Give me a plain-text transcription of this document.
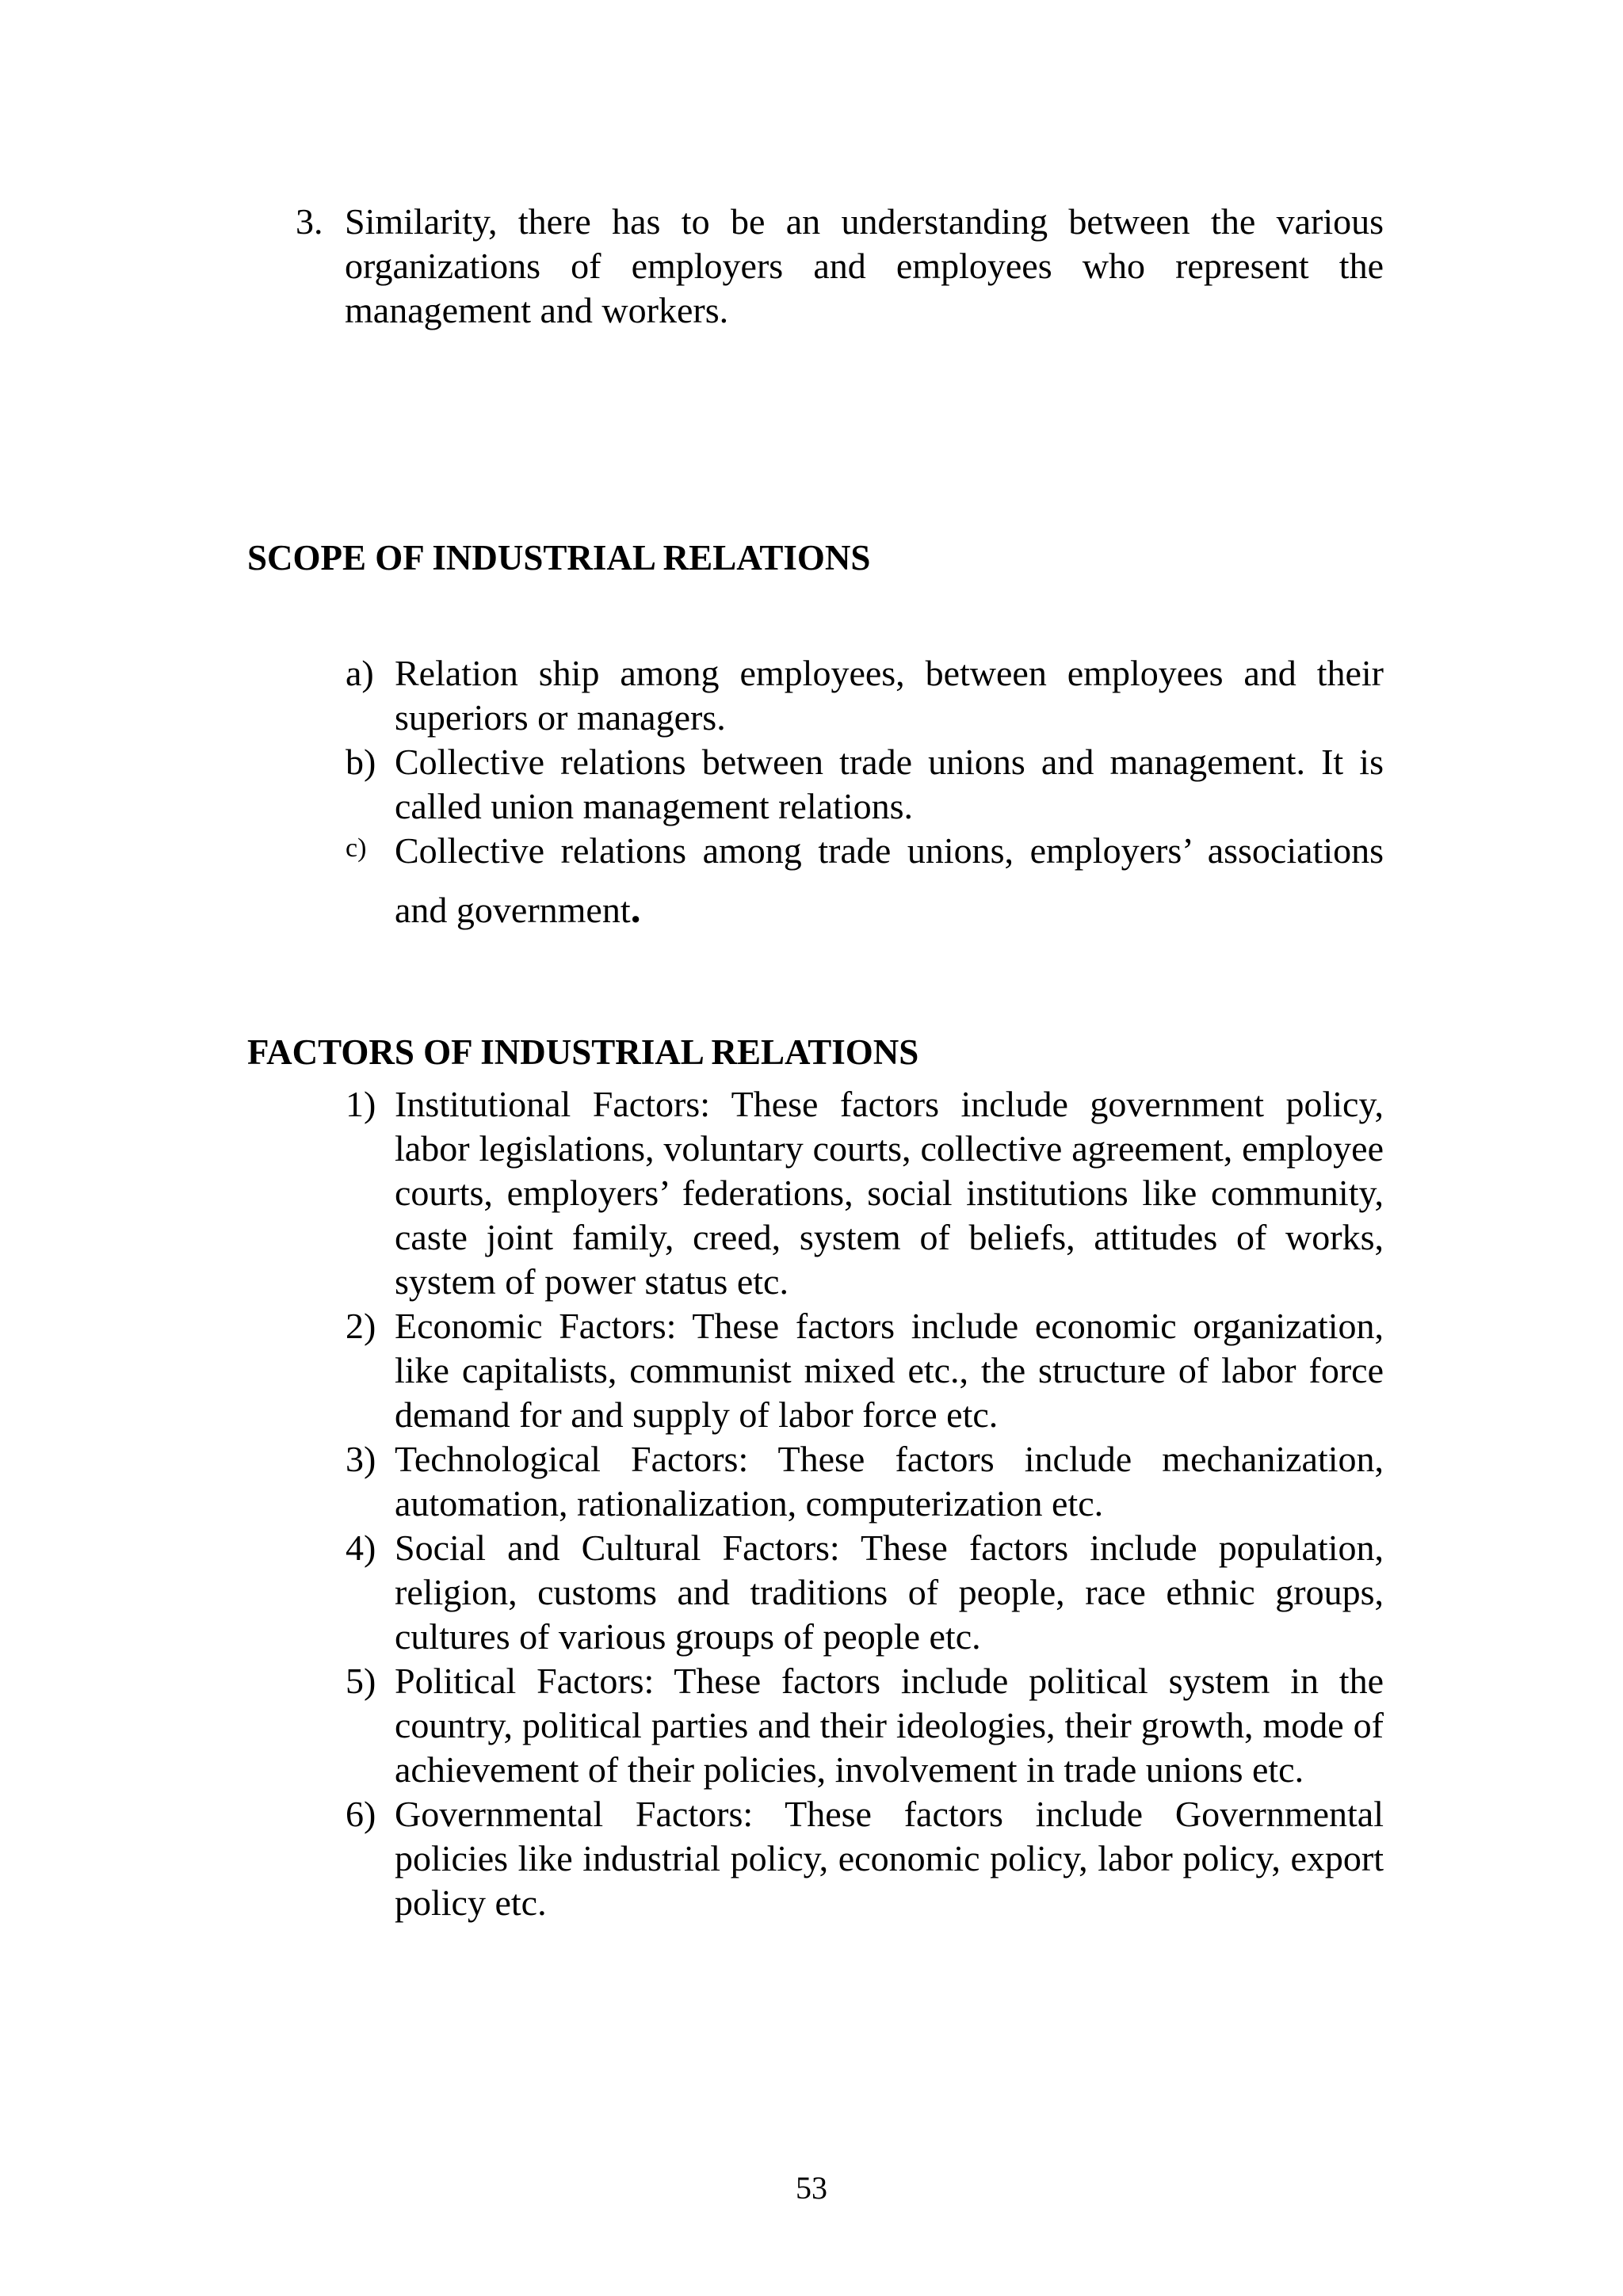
3. Similarity, there has to be an understanding between the various organizations of employers and employees who represent the management and workers.
SCOPE OF INDUSTRIAL RELATIONS
a) Relation ship among employees, between employees and their superiors or managers.
b) Collective relations between trade unions and management. It is called union management relations.
c) Collective relations among trade unions, employers’ associations and government.
FACTORS OF INDUSTRIAL RELATIONS
1) Institutional Factors: These factors include government policy, labor legislations, voluntary courts, collective agreement, employee courts, employers’ federations, social institutions like community, caste joint family, creed, system of beliefs, attitudes of works, system of power status etc.
2) Economic Factors: These factors include economic organization, like capitalists, communist mixed etc., the structure of labor force demand for and supply of labor force etc.
3) Technological Factors: These factors include mechanization, automation, rationalization, computerization etc.
4) Social and Cultural Factors: These factors include population, religion, customs and traditions of people, race ethnic groups, cultures of various groups of people etc.
5) Political Factors: These factors include political system in the country, political parties and their ideologies, their growth, mode of achievement of their policies, involvement in trade unions etc.
6) Governmental Factors: These factors include Governmental policies like industrial policy, economic policy, labor policy, export policy etc.
53
